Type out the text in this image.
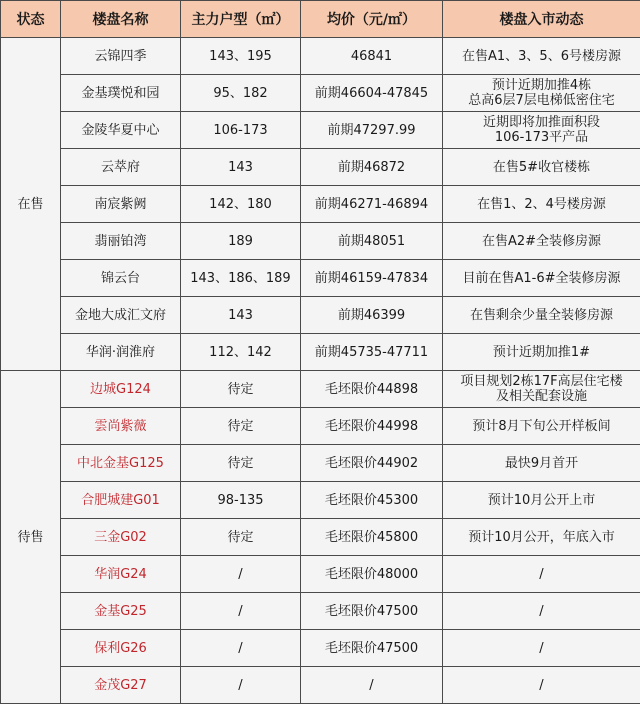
状态	楼盘名称	主力户型（㎡）	均价（元/㎡）	楼盘入市动态
在售	云锦四季	143、195	46841	在售A1、3、5、6号楼房源
	金基璞悦和园	95、182	前期46604-47845	预计近期加推4栋
总高6层7层电梯低密住宅
	金陵华夏中心	106-173	前期47297.99	近期即将加推面积段
106-173平产品
	云萃府	143	前期46872	在售5#收官楼栋
	南宸紫阙	142、180	前期46271-46894	在售1、2、4号楼房源
	翡丽铂湾	189	前期48051	在售A2#全装修房源
	锦云台	143、186、189	前期46159-47834	目前在售A1-6#全装修房源
	金地大成汇文府	143	前期46399	在售剩余少量全装修房源
	华润·润淮府	112、142	前期45735-47711	预计近期加推1#
待售	边城G124	待定	毛坯限价44898	项目规划2栋17F高层住宅楼
及相关配套设施
	雲尚紫薇	待定	毛坯限价44998	预计8月下旬公开样板间
	中北金基G125	待定	毛坯限价44902	最快9月首开
	合肥城建G01	98-135	毛坯限价45300	预计10月公开上市
	三金G02	待定	毛坯限价45800	预计10月公开，年底入市
	华润G24	/	毛坯限价48000	/
	金基G25	/	毛坯限价47500	/
	保利G26	/	毛坯限价47500	/
	金茂G27	/	/	/
